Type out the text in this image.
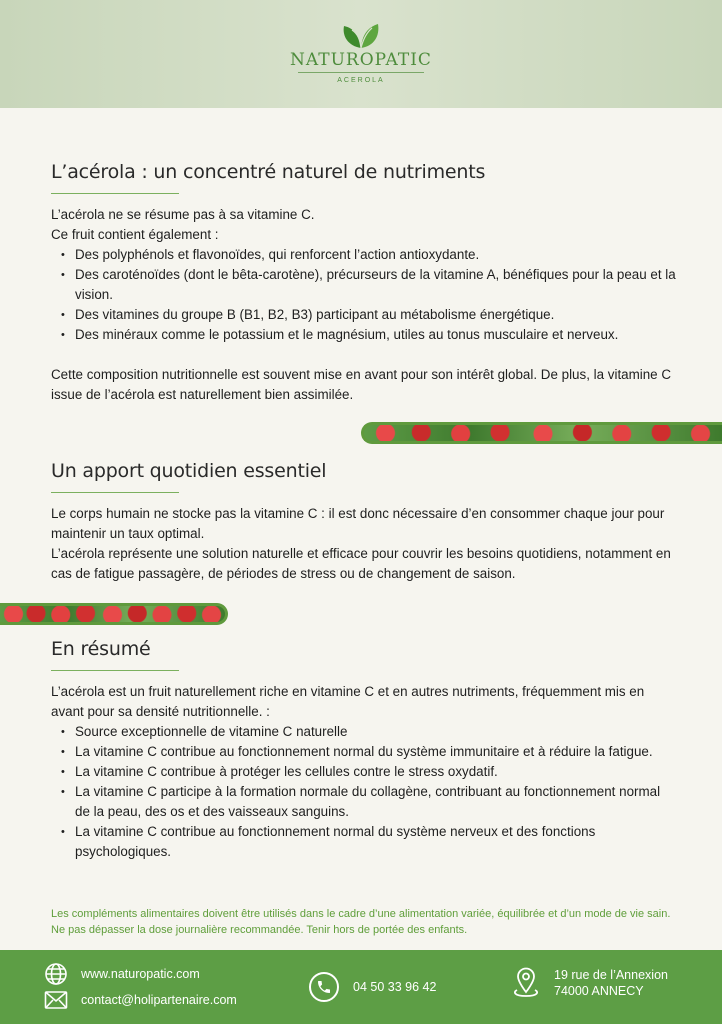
NATUROPATIC
ACEROLA
L’acérola : un concentré naturel de nutriments

L’acérola ne se résume pas à sa vitamine C.

Ce fruit contient également :

• Des polyphénols et flavonoïdes, qui renforcent l’action antioxydante.
• Des caroténoïdes (dont le bêta-carotène), précurseurs de la vitamine A, bénéfiques pour la peau et la vision.
• Des vitamines du groupe B (B1, B2, B3) participant au métabolisme énergétique.
• Des minéraux comme le potassium et le magnésium, utiles au tonus musculaire et nerveux.

Cette composition nutritionnelle est souvent mise en avant pour son intérêt global. De plus, la vitamine C issue de l’acérola est naturellement bien assimilée.

Un apport quotidien essentiel

Le corps humain ne stocke pas la vitamine C : il est donc nécessaire d’en consommer chaque jour pour maintenir un taux optimal.

L’acérola représente une solution naturelle et efficace pour couvrir les besoins quotidiens, notamment en cas de fatigue passagère, de périodes de stress ou de changement de saison.

En résumé

L’acérola est un fruit naturellement riche en vitamine C et en autres nutriments, fréquemment mis en avant pour sa densité nutritionnelle. :

• Source exceptionnelle de vitamine C naturelle
• La vitamine C contribue au fonctionnement normal du système immunitaire et à réduire la fatigue.
• La vitamine C contribue à protéger les cellules contre le stress oxydatif.
• La vitamine C participe à la formation normale du collagène, contribuant au fonctionnement normal de la peau, des os et des vaisseaux sanguins.
• La vitamine C contribue au fonctionnement normal du système nerveux et des fonctions psychologiques.

Les compléments alimentaires doivent être utilisés dans le cadre d’une alimentation variée, équilibrée et d’un mode de vie sain. Ne pas dépasser la dose journalière recommandée. Tenir hors de portée des enfants.

www.naturopatic.com
contact@holipartenaire.com
04 50 33 96 42
19 rue de l’Annexion
74000 ANNECY
